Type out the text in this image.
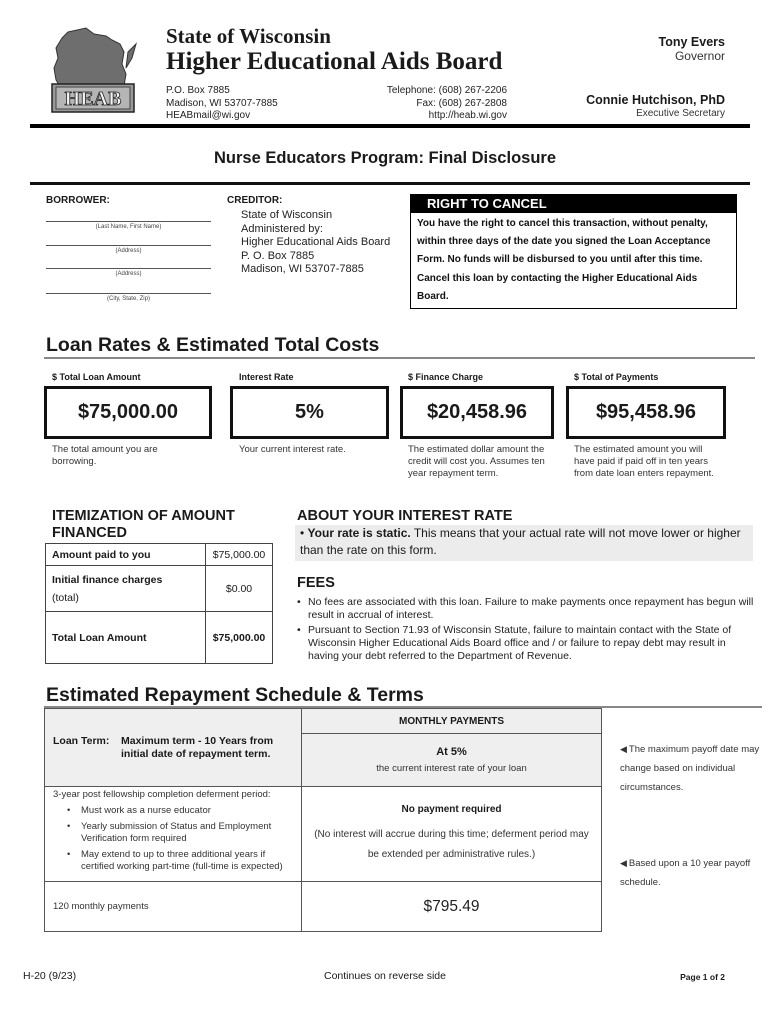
HEAB
State of Wisconsin
Higher Educational Aids Board
P.O. Box 7885
Madison, WI 53707-7885
HEABmail@wi.gov
Telephone: (608) 267-2206
Fax: (608) 267-2808
http://heab.wi.gov
Tony Evers
Governor
Connie Hutchison, PhD
Executive Secretary
Nurse Educators Program: Final Disclosure
BORROWER:
(Last Name, First Name)
(Address)
(Address)
(City, State, Zip)
CREDITOR:
State of Wisconsin
Administered by:
Higher Educational Aids Board
P. O. Box 7885
Madison, WI 53707-7885
RIGHT TO CANCEL
You have the right to cancel this transaction, without penalty, within three days of the date you signed the Loan Acceptance Form. No funds will be disbursed to you until after this time. Cancel this loan by contacting the Higher Educational Aids Board.
Loan Rates & Estimated Total Costs
$ Total Loan Amount
$75,000.00
The total amount you are borrowing.
Interest Rate
5%
Your current interest rate.
$ Finance Charge
$20,458.96
The estimated dollar amount the credit will cost you. Assumes ten year repayment term.
$ Total of Payments
$95,458.96
The estimated amount you will have paid if paid off in ten years from date loan enters repayment.
ITEMIZATION OF AMOUNT FINANCED
Amount paid to you	$75,000.00

Initial finance charges
(total)	$0.00
Total Loan Amount	$75,000.00
ABOUT YOUR INTEREST RATE
• Your rate is static. This means that your actual rate will not move lower or higher than the rate on this form.
FEES
• No fees are associated with this loan. Failure to make payments once repayment has begun will result in accrual of interest.
• Pursuant to Section 71.93 of Wisconsin Statute, failure to maintain contact with the State of Wisconsin Higher Educational Aids Board office and / or failure to repay debt may result in having your debt referred to the Department of Revenue.
Estimated Repayment Schedule & Terms
Loan Term: Maximum term - 10 Years from initial date of repayment term.	MONTHLY PAYMENTS

	At 5%
the current interest rate of your loan

3-year post fellowship completion deferment period:
• Must work as a nurse educator
• Yearly submission of Status and Employment Verification form required
• May extend to up to three additional years if certified working part-time (full-time is expected)

No payment required
(No interest will accrue during this time; deferment period may be extended per administrative rules.)

120 monthly payments	$795.49
◀ The maximum payoff date may change based on individual circumstances.
◀ Based upon a 10 year payoff schedule.
H-20 (9/23)	Continues on reverse side	Page 1 of 2
